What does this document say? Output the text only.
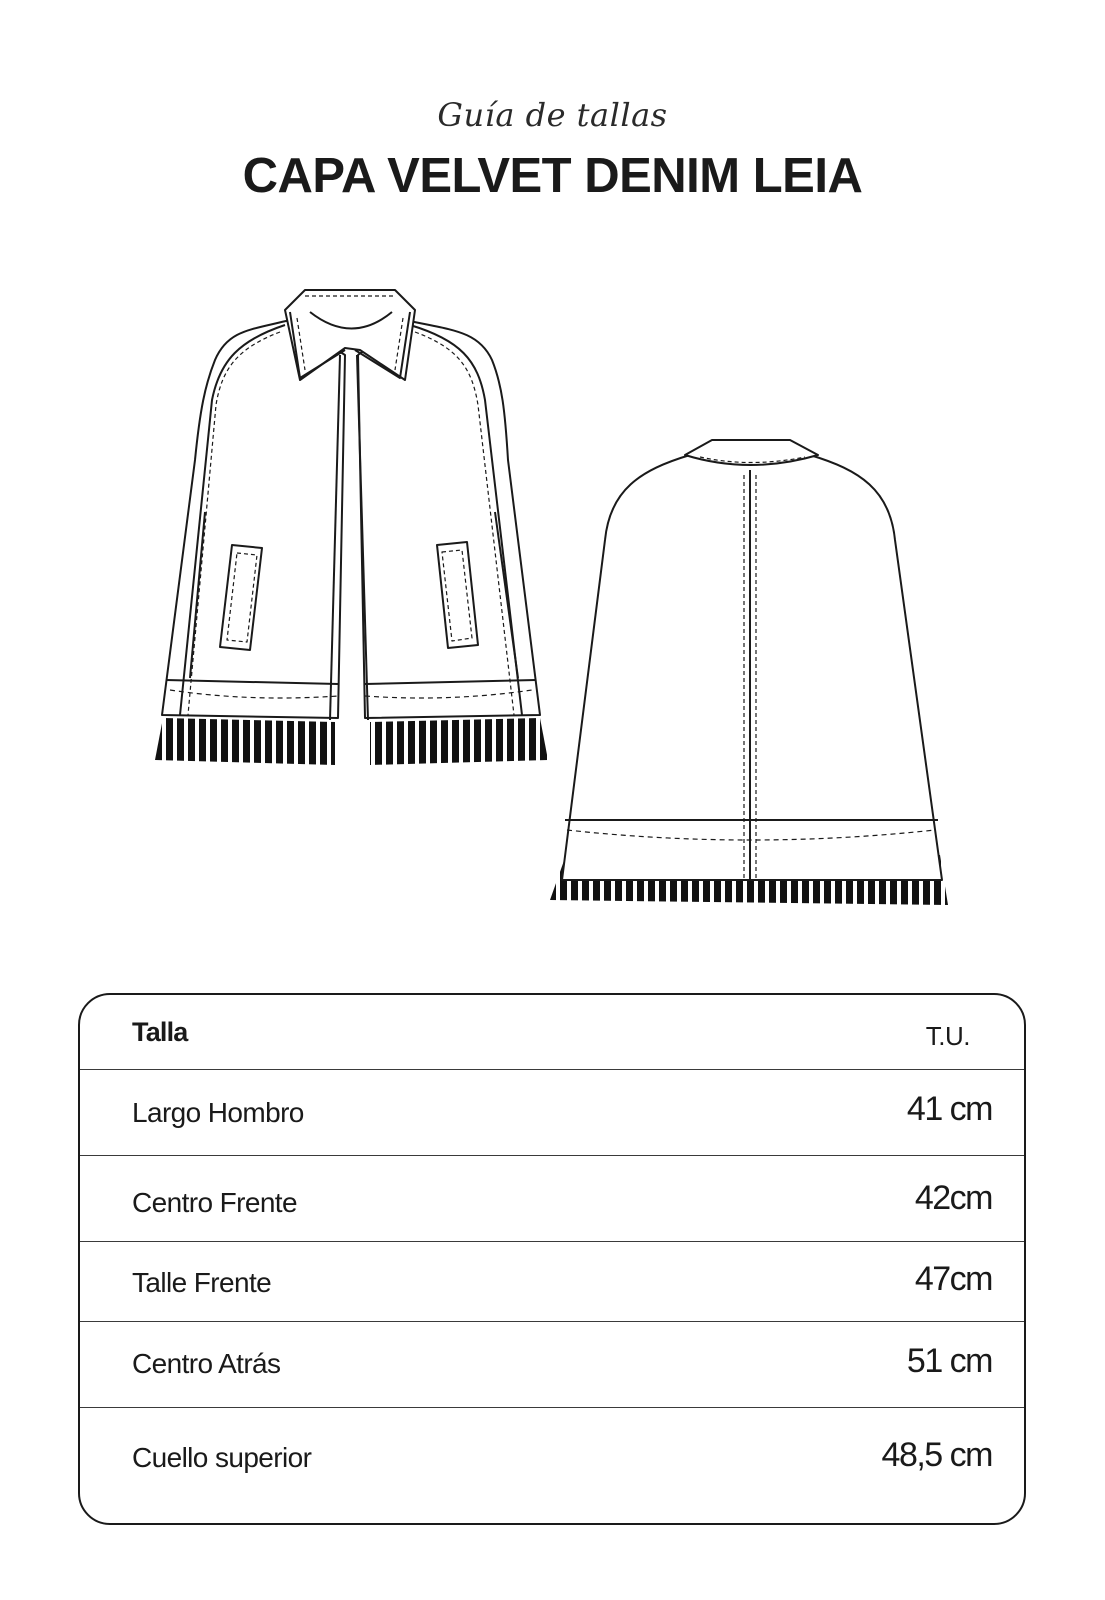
Guía de tallas
CAPA VELVET DENIM LEIA
Talla	T.U.
Largo Hombro	41 cm
Centro Frente	42cm
Talle Frente	47cm
Centro Atrás	51 cm
Cuello superior	48,5 cm
